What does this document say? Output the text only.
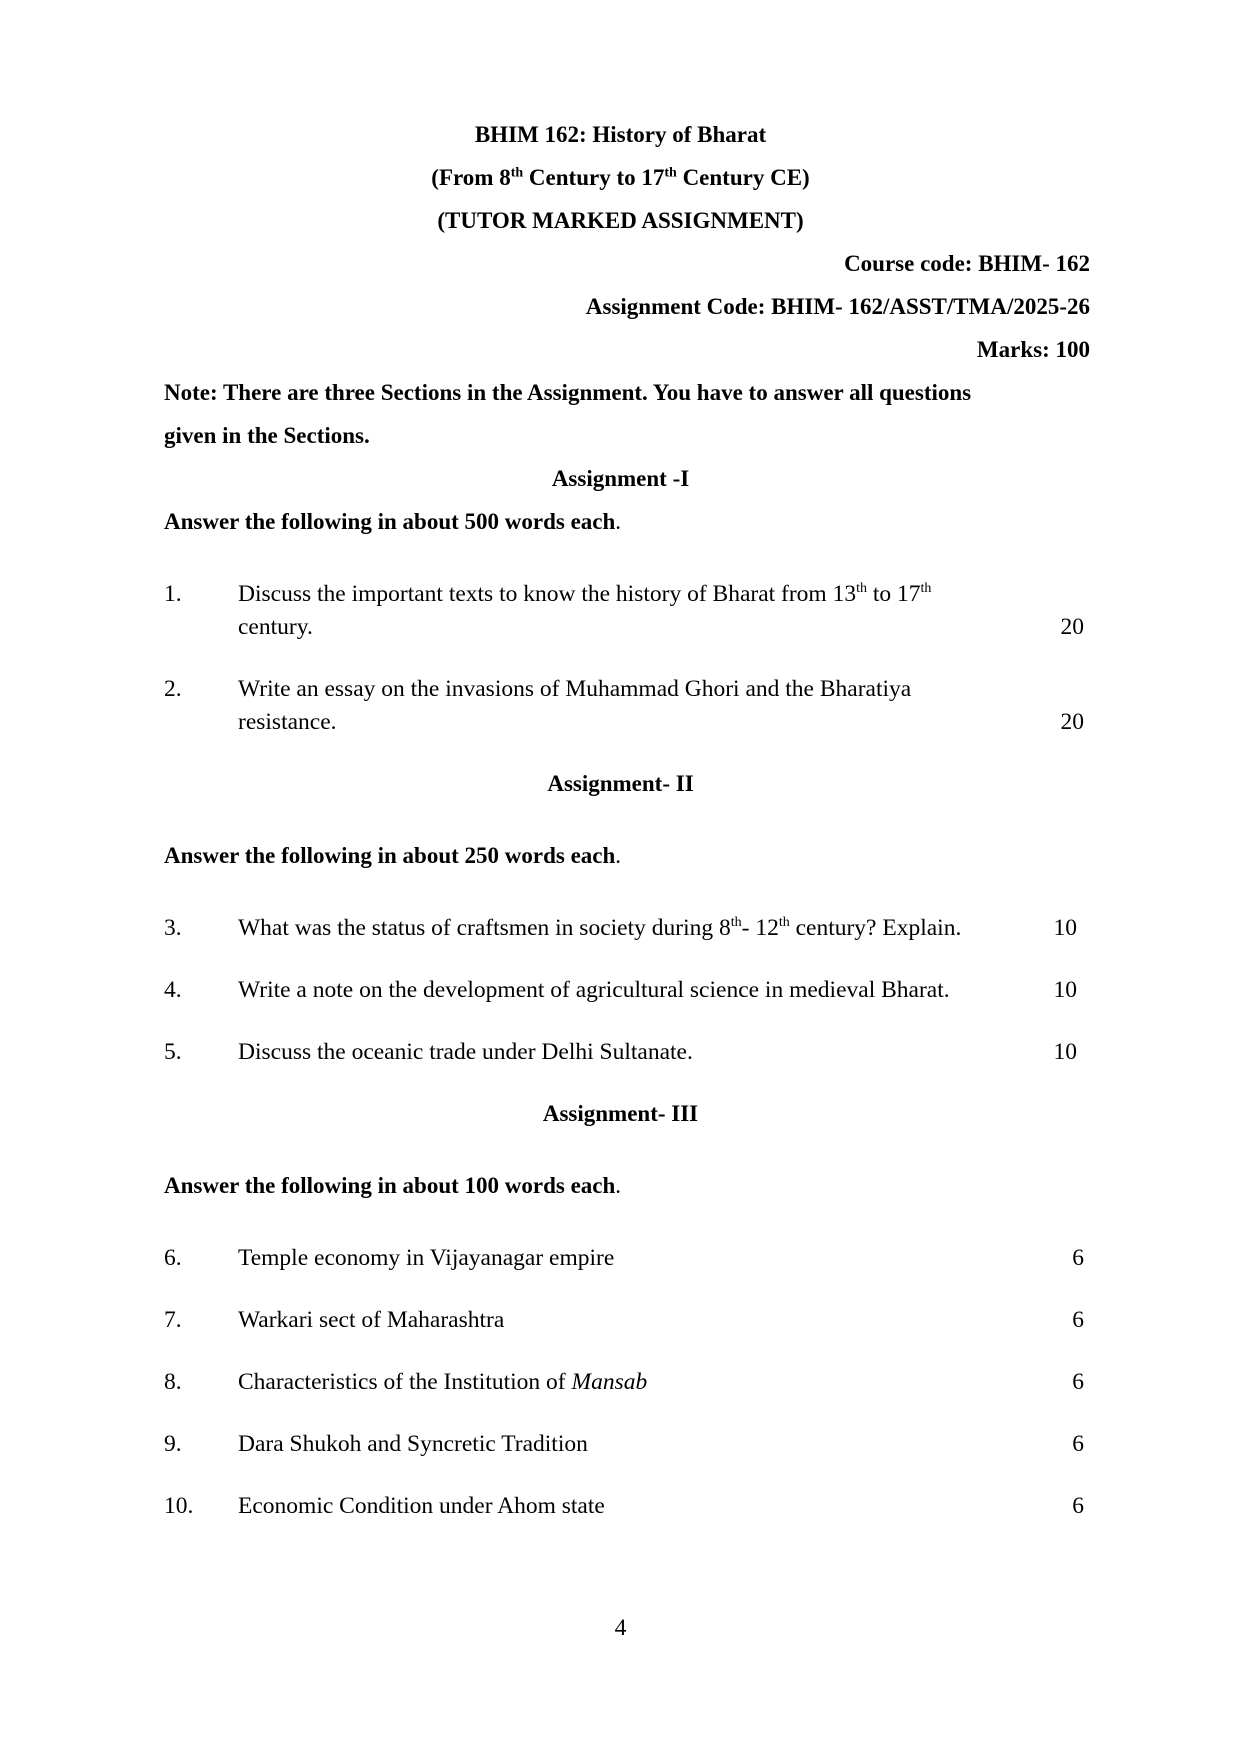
BHIM 162: History of Bharat
(From 8th Century to 17th Century CE)
(TUTOR MARKED ASSIGNMENT)
Course code: BHIM- 162
Assignment Code: BHIM- 162/ASST/TMA/2025-26
Marks: 100
Note: There are three Sections in the Assignment. You have to answer all questions
given in the Sections.
Assignment -I
Answer the following in about 500 words each.
1. Discuss the important texts to know the history of Bharat from 13th to 17th
century.	20
2. Write an essay on the invasions of Muhammad Ghori and the Bharatiya
resistance.	20
Assignment- II
Answer the following in about 250 words each.
3. What was the status of craftsmen in society during 8th- 12th century? Explain.	10
4. Write a note on the development of agricultural science in medieval Bharat.	10
5. Discuss the oceanic trade under Delhi Sultanate.	10
Assignment- III
Answer the following in about 100 words each.
6. Temple economy in Vijayanagar empire	6
7. Warkari sect of Maharashtra	6
8. Characteristics of the Institution of Mansab	6
9. Dara Shukoh and Syncretic Tradition	6
10. Economic Condition under Ahom state	6
4
